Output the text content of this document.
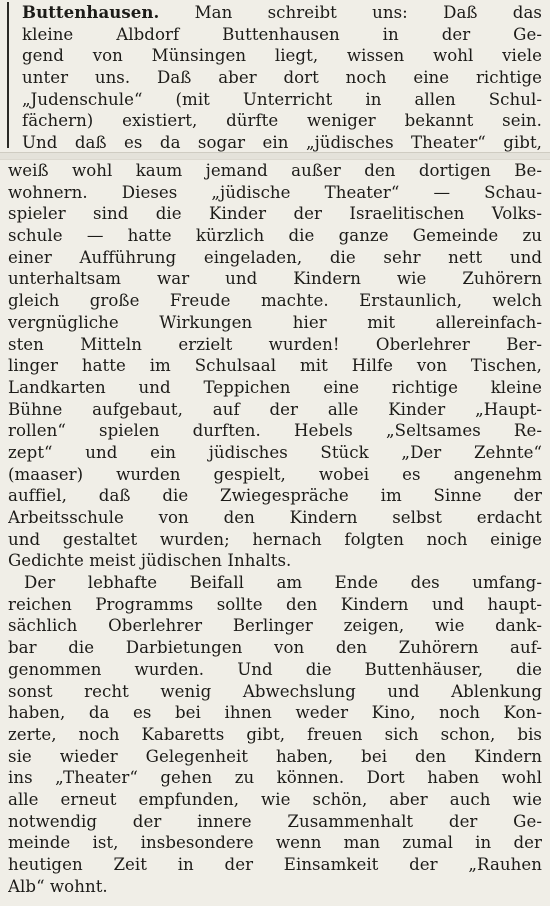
Buttenhausen. Man schreibt uns: Daß das
kleine Albdorf Buttenhausen in der Ge-
gend von Münsingen liegt, wissen wohl viele
unter uns. Daß aber dort noch eine richtige
„Judenschule“ (mit Unterricht in allen Schul-
fächern) existiert, dürfte weniger bekannt sein.
Und daß es da sogar ein „jüdisches Theater“ gibt,
weiß wohl kaum jemand außer den dortigen Be-
wohnern. Dieses „jüdische Theater“ — Schau-
spieler sind die Kinder der Israelitischen Volks-
schule — hatte kürzlich die ganze Gemeinde zu
einer Aufführung eingeladen, die sehr nett und
unterhaltsam war und Kindern wie Zuhörern
gleich große Freude machte. Erstaunlich, welch
vergnügliche Wirkungen hier mit allereinfach-
sten Mitteln erzielt wurden! Oberlehrer Ber-
linger hatte im Schulsaal mit Hilfe von Tischen,
Landkarten und Teppichen eine richtige kleine
Bühne aufgebaut, auf der alle Kinder „Haupt-
rollen“ spielen durften. Hebels „Seltsames Re-
zept“ und ein jüdisches Stück „Der Zehnte“
(maaser) wurden gespielt, wobei es angenehm
auffiel, daß die Zwiegespräche im Sinne der
Arbeitsschule von den Kindern selbst erdacht
und gestaltet wurden; hernach folgten noch einige
Gedichte meist jüdischen Inhalts.
Der lebhafte Beifall am Ende des umfang-
reichen Programms sollte den Kindern und haupt-
sächlich Oberlehrer Berlinger zeigen, wie dank-
bar die Darbietungen von den Zuhörern auf-
genommen wurden. Und die Buttenhäuser, die
sonst recht wenig Abwechslung und Ablenkung
haben, da es bei ihnen weder Kino, noch Kon-
zerte, noch Kabaretts gibt, freuen sich schon, bis
sie wieder Gelegenheit haben, bei den Kindern
ins „Theater“ gehen zu können. Dort haben wohl
alle erneut empfunden, wie schön, aber auch wie
notwendig der innere Zusammenhalt der Ge-
meinde ist, insbesondere wenn man zumal in der
heutigen Zeit in der Einsamkeit der „Rauhen
Alb“ wohnt.
